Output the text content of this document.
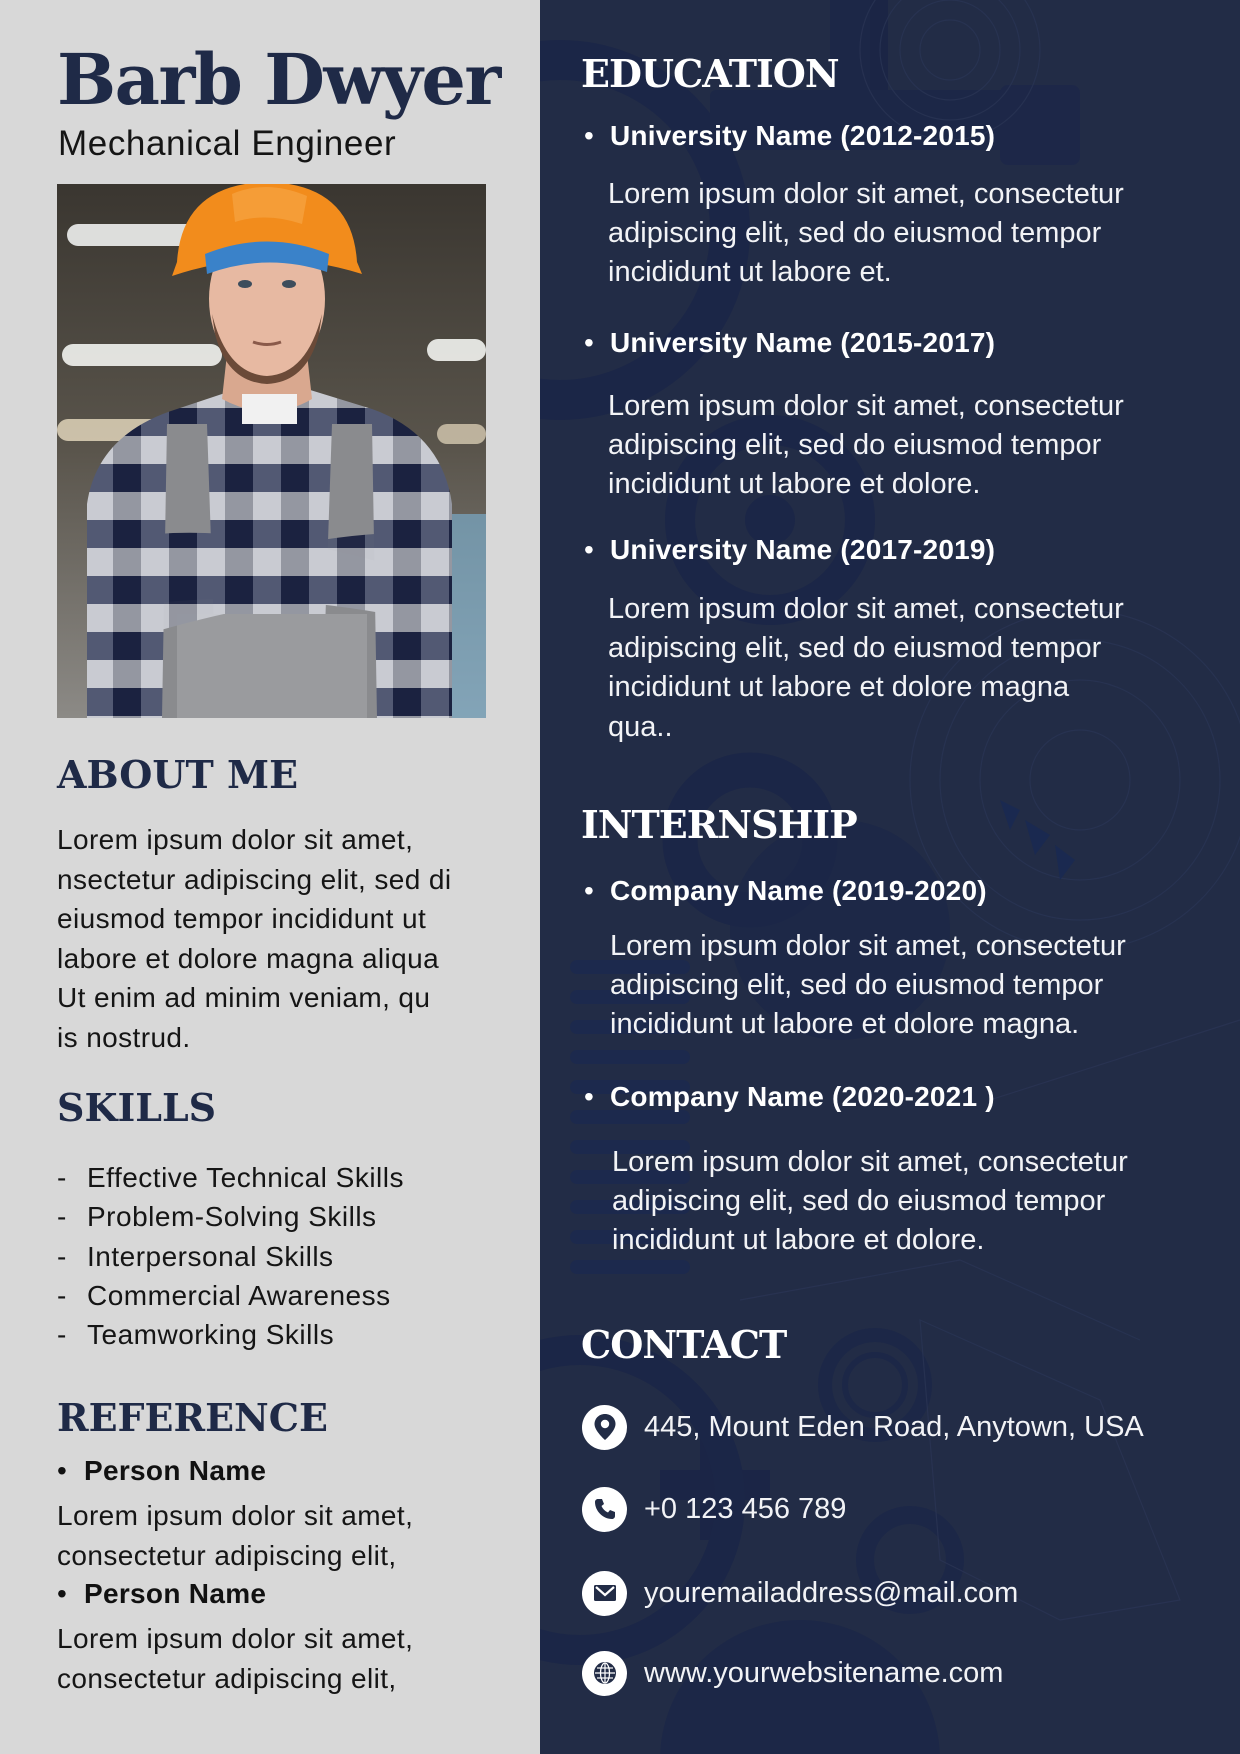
Barb Dwyer
Mechanical Engineer
ABOUT ME
Lorem ipsum dolor sit amet,
nsectetur adipiscing elit, sed di
eiusmod tempor incididunt ut
labore et dolore magna aliqua
Ut enim ad minim veniam, qu
is nostrud.
SKILLS
- Effective Technical Skills
- Problem-Solving Skills
- Interpersonal Skills
- Commercial Awareness
- Teamworking Skills
REFERENCE
• Person Name
Lorem ipsum dolor sit amet,
consectetur adipiscing elit,
• Person Name
Lorem ipsum dolor sit amet,
consectetur adipiscing elit,
EDUCATION
• University Name (2012-2015)
Lorem ipsum dolor sit amet, consectetur
adipiscing elit, sed do eiusmod tempor
incididunt ut labore et.
• University Name (2015-2017)
Lorem ipsum dolor sit amet, consectetur
adipiscing elit, sed do eiusmod tempor
incididunt ut labore et dolore.
• University Name (2017-2019)
Lorem ipsum dolor sit amet, consectetur
adipiscing elit, sed do eiusmod tempor
incididunt ut labore et dolore magna
qua..
INTERNSHIP
• Company Name (2019-2020)
Lorem ipsum dolor sit amet, consectetur
adipiscing elit, sed do eiusmod tempor
incididunt ut labore et dolore magna.
• Company Name (2020-2021 )
Lorem ipsum dolor sit amet, consectetur
adipiscing elit, sed do eiusmod tempor
incididunt ut labore et dolore.
CONTACT
445, Mount Eden Road, Anytown, USA
+0 123 456 789
youremailaddress@mail.com
www.yourwebsitename.com
